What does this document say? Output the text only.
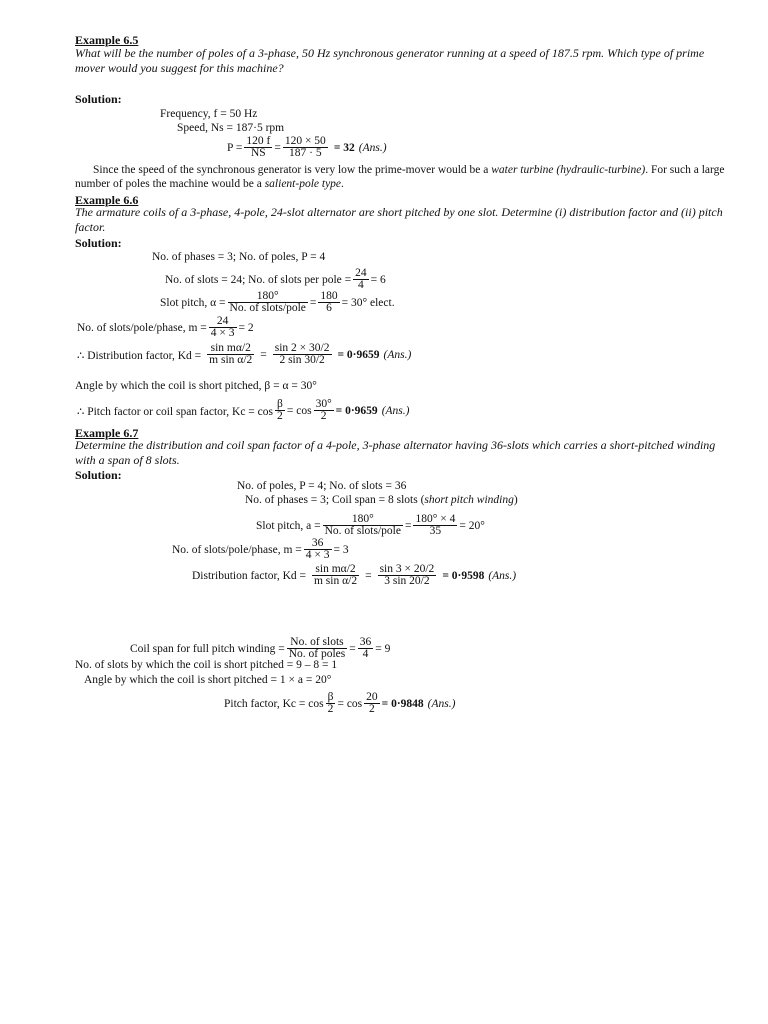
Example 6.5
What will be the number of poles of a 3-phase, 50 Hz synchronous generator running at a speed of 187.5 rpm. Which type of prime mover would you suggest for this machine?
Solution:
Frequency, f = 50 Hz
Speed, Ns = 187·5 rpm
$P = \frac{120 f}{NS} = \frac{120 \times 50}{187 \cdot 5} = 32$ (Ans.)
Since the speed of the synchronous generator is very low the prime-mover would be a water turbine (hydraulic-turbine). For such a large number of poles the machine would be a salient-pole type.
Example 6.6
The armature coils of a 3-phase, 4-pole, 24-slot alternator are short pitched by one slot. Determine (i) distribution factor and (ii) pitch factor.
Solution:
No. of phases = 3; No. of poles, P = 4
No. of slots = 24; No. of slots per pole = $\frac{24}{4} = 6$
Slot pitch, $\alpha = \frac{180^\circ}{\text{No. of slots/pole}} = \frac{180}{6} = 30^\circ$ elect.
No. of slots/pole/phase, $m = \frac{24}{4 \times 3} = 2$
∴ Distribution factor, $Kd = \frac{\text{sin mα/2}}{\text{m sin α/2}} = \frac{\sin 2 \times 30/2}{2 \sin 30/2} = 0\cdot 9659$ (Ans.)
Angle by which the coil is short pitched, β = α = 30°
∴ Pitch factor or coil span factor, $Kc = \cos \frac{\beta}{2} = \cos \frac{30^\circ}{2} = 0\cdot 9659$ (Ans.)
Example 6.7
Determine the distribution and coil span factor of a 4-pole, 3-phase alternator having 36-slots which carries a short-pitched winding with a span of 8 slots.
Solution:
No. of poles, P = 4; No. of slots = 36
No. of phases = 3; Coil span = 8 slots (short pitch winding)
Slot pitch, $a = \frac{180^\circ}{\text{No. of slots/pole}} = \frac{180^\circ \times 4}{35} = 20^\circ$
No. of slots/pole/phase, $m = \frac{36}{4 \times 3} = 3$
Distribution factor, $Kd = \frac{\text{sin mα/2}}{\text{m sin α/2}} = \frac{\sin 3 \times 20/2}{3 \sin 20/2} = 0\cdot 9598$ (Ans.)
Coil span for full pitch winding = $\frac{\text{No. of slots}}{\text{No. of poles}} = \frac{36}{4} = 9$
No. of slots by which the coil is short pitched = 9 – 8 = 1
Angle by which the coil is short pitched = 1 × a = 20°
Pitch factor, $Kc = \cos \frac{\beta}{2} = \cos \frac{20}{2} = 0\cdot 9848$ (Ans.)
